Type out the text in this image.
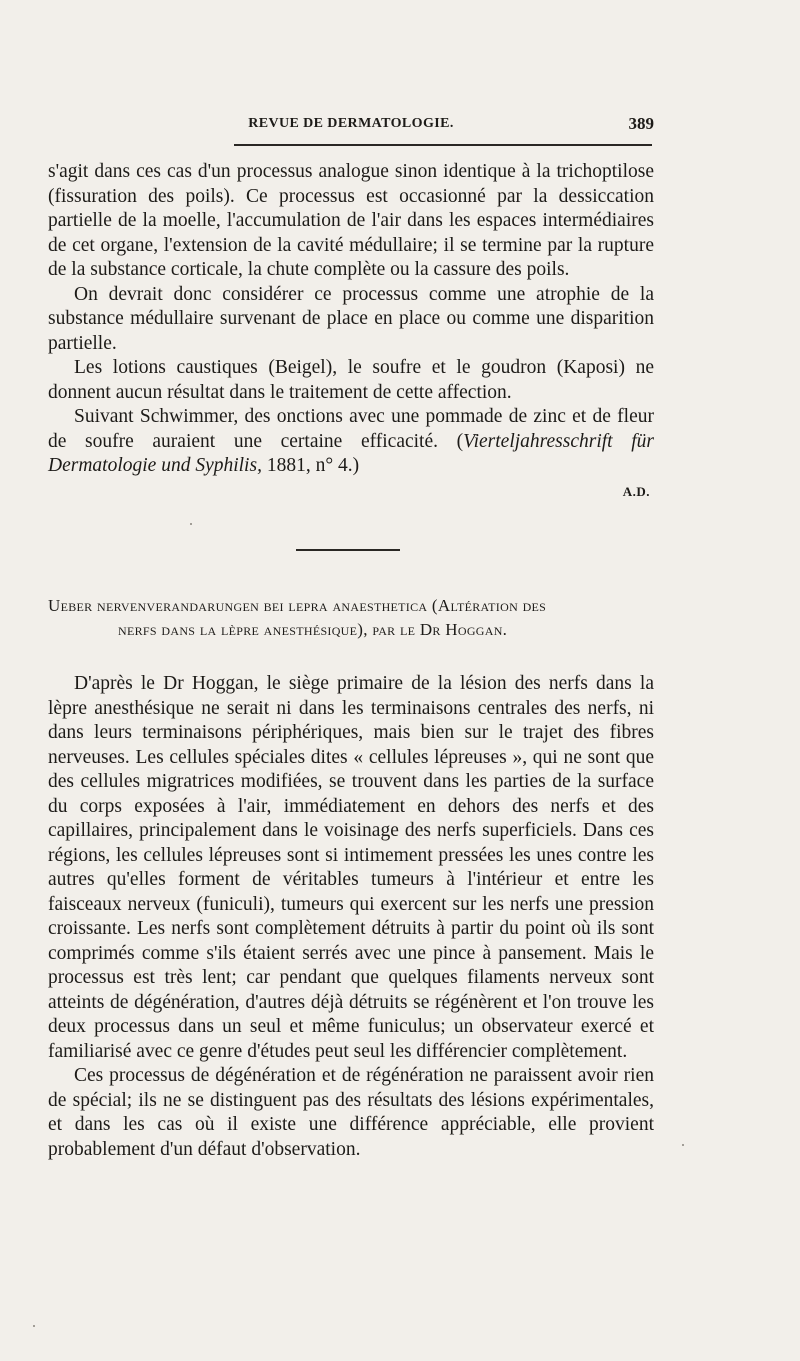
REVUE DE DERMATOLOGIE.	389

s'agit dans ces cas d'un processus analogue sinon identique à la trichoptilose (fissuration des poils). Ce processus est occasionné par la dessiccation partielle de la moelle, l'accumulation de l'air dans les espaces intermédiaires de cet organe, l'extension de la cavité médullaire; il se termine par la rupture de la substance corticale, la chute complète ou la cassure des poils.

On devrait donc considérer ce processus comme une atrophie de la substance médullaire survenant de place en place ou comme une disparition partielle.

Les lotions caustiques (Beigel), le soufre et le goudron (Kaposi) ne donnent aucun résultat dans le traitement de cette affection.

Suivant Schwimmer, des onctions avec une pommade de zinc et de fleur de soufre auraient une certaine efficacité. (Vierteljahresschrift für Dermatologie und Syphilis, 1881, n° 4.)

A.D.
Ueber nervenverandarungen bei lepra anaesthetica (Altération des
nerfs dans la lèpre anesthésique), par le Dr Hoggan.

D'après le Dr Hoggan, le siège primaire de la lésion des nerfs dans la lèpre anesthésique ne serait ni dans les terminaisons centrales des nerfs, ni dans leurs terminaisons périphériques, mais bien sur le trajet des fibres nerveuses. Les cellules spéciales dites « cellules lépreuses », qui ne sont que des cellules migratrices modifiées, se trouvent dans les parties de la surface du corps exposées à l'air, immédiatement en dehors des nerfs et des capillaires, principalement dans le voisinage des nerfs superficiels. Dans ces régions, les cellules lépreuses sont si intimement pressées les unes contre les autres qu'elles forment de véritables tumeurs à l'intérieur et entre les faisceaux nerveux (funiculi), tumeurs qui exercent sur les nerfs une pression croissante. Les nerfs sont complètement détruits à partir du point où ils sont comprimés comme s'ils étaient serrés avec une pince à pansement. Mais le processus est très lent; car pendant que quelques filaments nerveux sont atteints de dégénération, d'autres déjà détruits se régénèrent et l'on trouve les deux processus dans un seul et même funiculus; un observateur exercé et familiarisé avec ce genre d'études peut seul les différencier complètement.

Ces processus de dégénération et de régénération ne paraissent avoir rien de spécial; ils ne se distinguent pas des résultats des lésions expérimentales, et dans les cas où il existe une différence appréciable, elle provient probablement d'un défaut d'observation.
